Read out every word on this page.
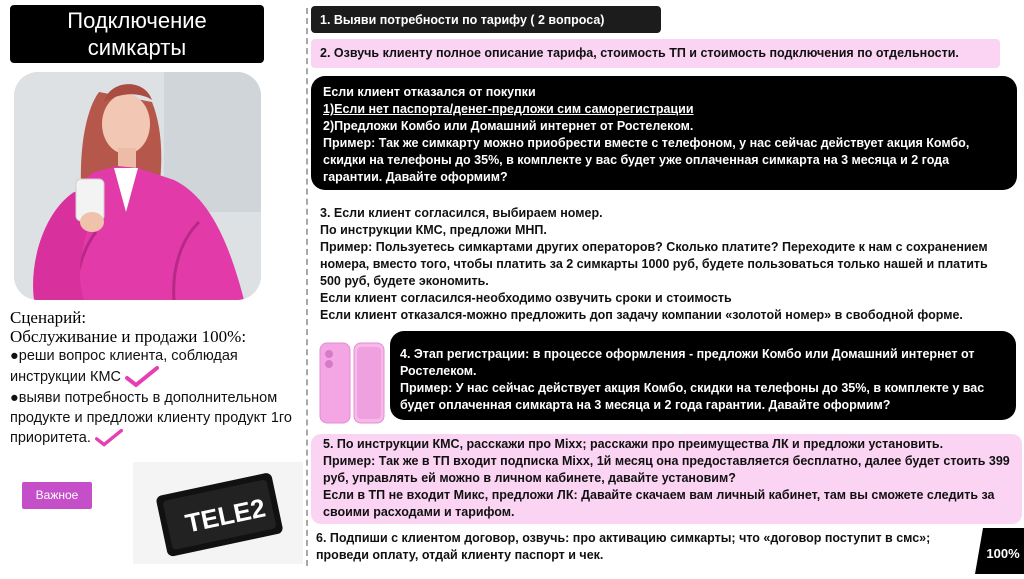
Подключение
симкарты
Сценарий:
Обслуживание и продажи 100%:
●реши вопрос клиента, соблюдая инструкции КМС
●выяви потребность в дополнительном продукте и предложи клиенту продукт 1го приоритета.
Важное	TELE2
1. Выяви потребности по тарифу ( 2 вопроса)
2. Озвучь клиенту полное описание тарифа, стоимость ТП и стоимость подключения по отдельности.
Если клиент отказался от покупки
1)Если нет паспорта/денег-предложи сим саморегистрации
2)Предложи Комбо или Домашний интернет от Ростелеком.
Пример: Так же симкарту можно приобрести вместе с телефоном, у нас сейчас действует акция Комбо, скидки на телефоны до 35%, в комплекте у вас будет уже оплаченная симкарта на 3 месяца и 2 года гарантии. Давайте оформим?
3. Если клиент согласился, выбираем номер.
По инструкции КМС, предложи МНП.
Пример: Пользуетесь симкартами других операторов? Сколько платите? Переходите к нам с сохранением номера, вместо того, чтобы платить за 2 симкарты 1000 руб, будете пользоваться только нашей и платить 500 руб, будете экономить.
Если клиент согласился-необходимо озвучить сроки и стоимость
Если клиент отказался-можно предложить доп задачу компании «золотой номер» в свободной форме.
4. Этап регистрации: в процессе оформления - предложи Комбо или Домашний интернет от Ростелеком.
Пример: У нас сейчас действует акция Комбо, скидки на телефоны до 35%, в комплекте у вас будет оплаченная симкарта на 3 месяца и 2 года гарантии. Давайте оформим?
5. По инструкции КМС, расскажи про Mixx; расскажи про преимущества ЛК и предложи установить.
Пример: Так же в ТП входит подписка Mixx, 1й месяц она предоставляется бесплатно, далее будет стоить 399 руб, управлять ей можно в личном кабинете, давайте установим?
Если в ТП не входит Микс, предложи ЛК: Давайте скачаем вам личный кабинет, там вы сможете следить за своими расходами и тарифом.
6. Подпиши с клиентом договор, озвучь: про активацию симкарты; что «договор поступит в смс»; проведи оплату, отдай клиенту паспорт и чек.	100%
